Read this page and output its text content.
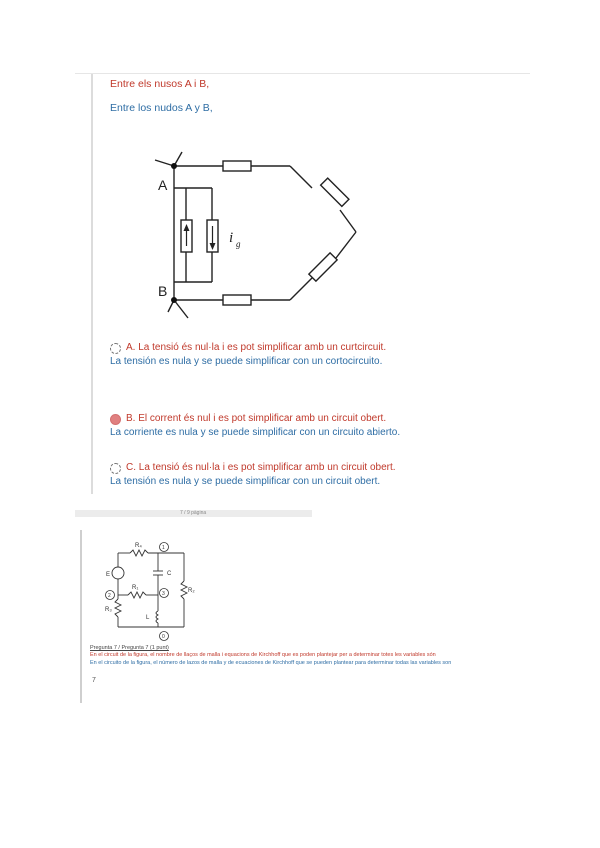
Entre els nusos A i B,
Entre los nudos A y B,
A
B
i g
A.
La tensió és nul·la i es pot simplificar amb un curtcircuit.
La tensión es nula y se puede simplificar con un cortocircuito.
B.
El corrent és nul i es pot simplificar amb un circuit obert.
La corriente es nula y se puede simplificar con un circuito abierto.
C.
La tensió és nul·la i es pot simplificar amb un circuit obert.
La tensión es nula y se puede simplificar con un circuit obert.
7 / 9 pàgina
R₄
E	C
R₁
R₃
R₂
L
1
2	3
0
Pregunta 7 / Pregunta 7 (1 punt)
En el circuit de la figura, el nombre de llaços de malla i equacions de Kirchhoff que es poden plantejar per a determinar totes les variables són
En el circuito de la figura, el número de lazos de malla y de ecuaciones de Kirchhoff que se pueden plantear para determinar todas las variables son
7
